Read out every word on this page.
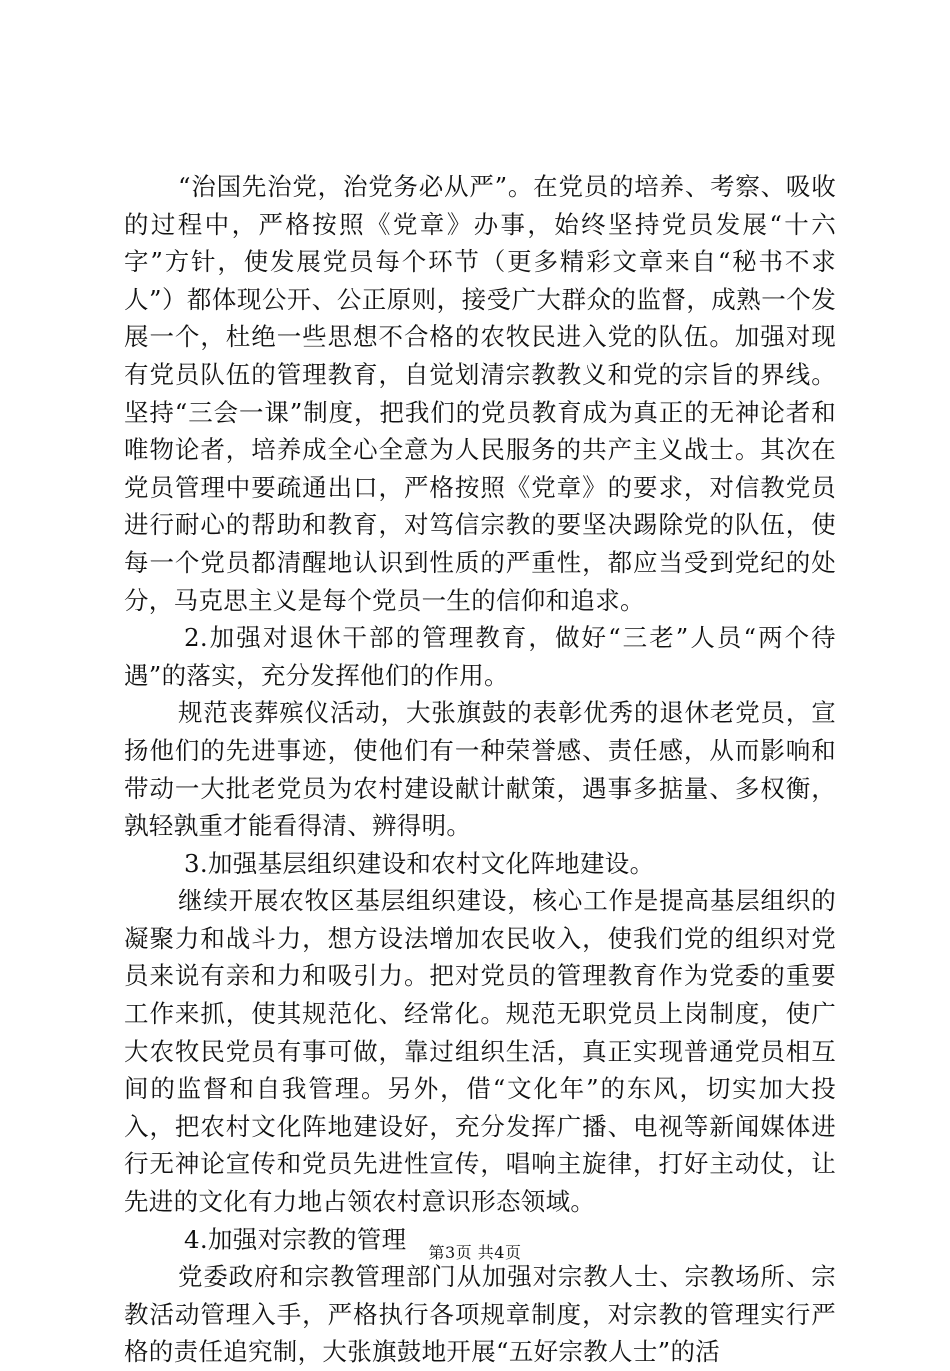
“治国先治党，治党务必从严”。在党员的培养、考察、吸收的过程中，严格按照《党章》办事，始终坚持党员发展“十六字”方针，使发展党员每个环节（更多精彩文章来自“秘书不求人”）都体现公开、公正原则，接受广大群众的监督，成熟一个发展一个，杜绝一些思想不合格的农牧民进入党的队伍。加强对现有党员队伍的管理教育，自觉划清宗教教义和党的宗旨的界线。坚持“三会一课”制度，把我们的党员教育成为真正的无神论者和唯物论者，培养成全心全意为人民服务的共产主义战士。其次在党员管理中要疏通出口，严格按照《党章》的要求，对信教党员进行耐心的帮助和教育，对笃信宗教的要坚决踢除党的队伍，使每一个党员都清醒地认识到性质的严重性，都应当受到党纪的处分，马克思主义是每个党员一生的信仰和追求。

2.加强对退休干部的管理教育，做好“三老”人员“两个待遇”的落实，充分发挥他们的作用。

规范丧葬殡仪活动，大张旗鼓的表彰优秀的退休老党员，宣扬他们的先进事迹，使他们有一种荣誉感、责任感，从而影响和带动一大批老党员为农村建设献计献策，遇事多掂量、多权衡，孰轻孰重才能看得清、辨得明。

3.加强基层组织建设和农村文化阵地建设。

继续开展农牧区基层组织建设，核心工作是提高基层组织的凝聚力和战斗力，想方设法增加农民收入，使我们党的组织对党员来说有亲和力和吸引力。把对党员的管理教育作为党委的重要工作来抓，使其规范化、经常化。规范无职党员上岗制度，使广大农牧民党员有事可做，靠过组织生活，真正实现普通党员相互间的监督和自我管理。另外，借“文化年”的东风，切实加大投入，把农村文化阵地建设好，充分发挥广播、电视等新闻媒体进行无神论宣传和党员先进性宣传，唱响主旋律，打好主动仗，让先进的文化有力地占领农村意识形态领域。

4.加强对宗教的管理

党委政府和宗教管理部门从加强对宗教人士、宗教场所、宗教活动管理入手，严格执行各项规章制度，对宗教的管理实行严格的责任追究制，大张旗鼓地开展“五好宗教人士”的活

第3页 共4页
